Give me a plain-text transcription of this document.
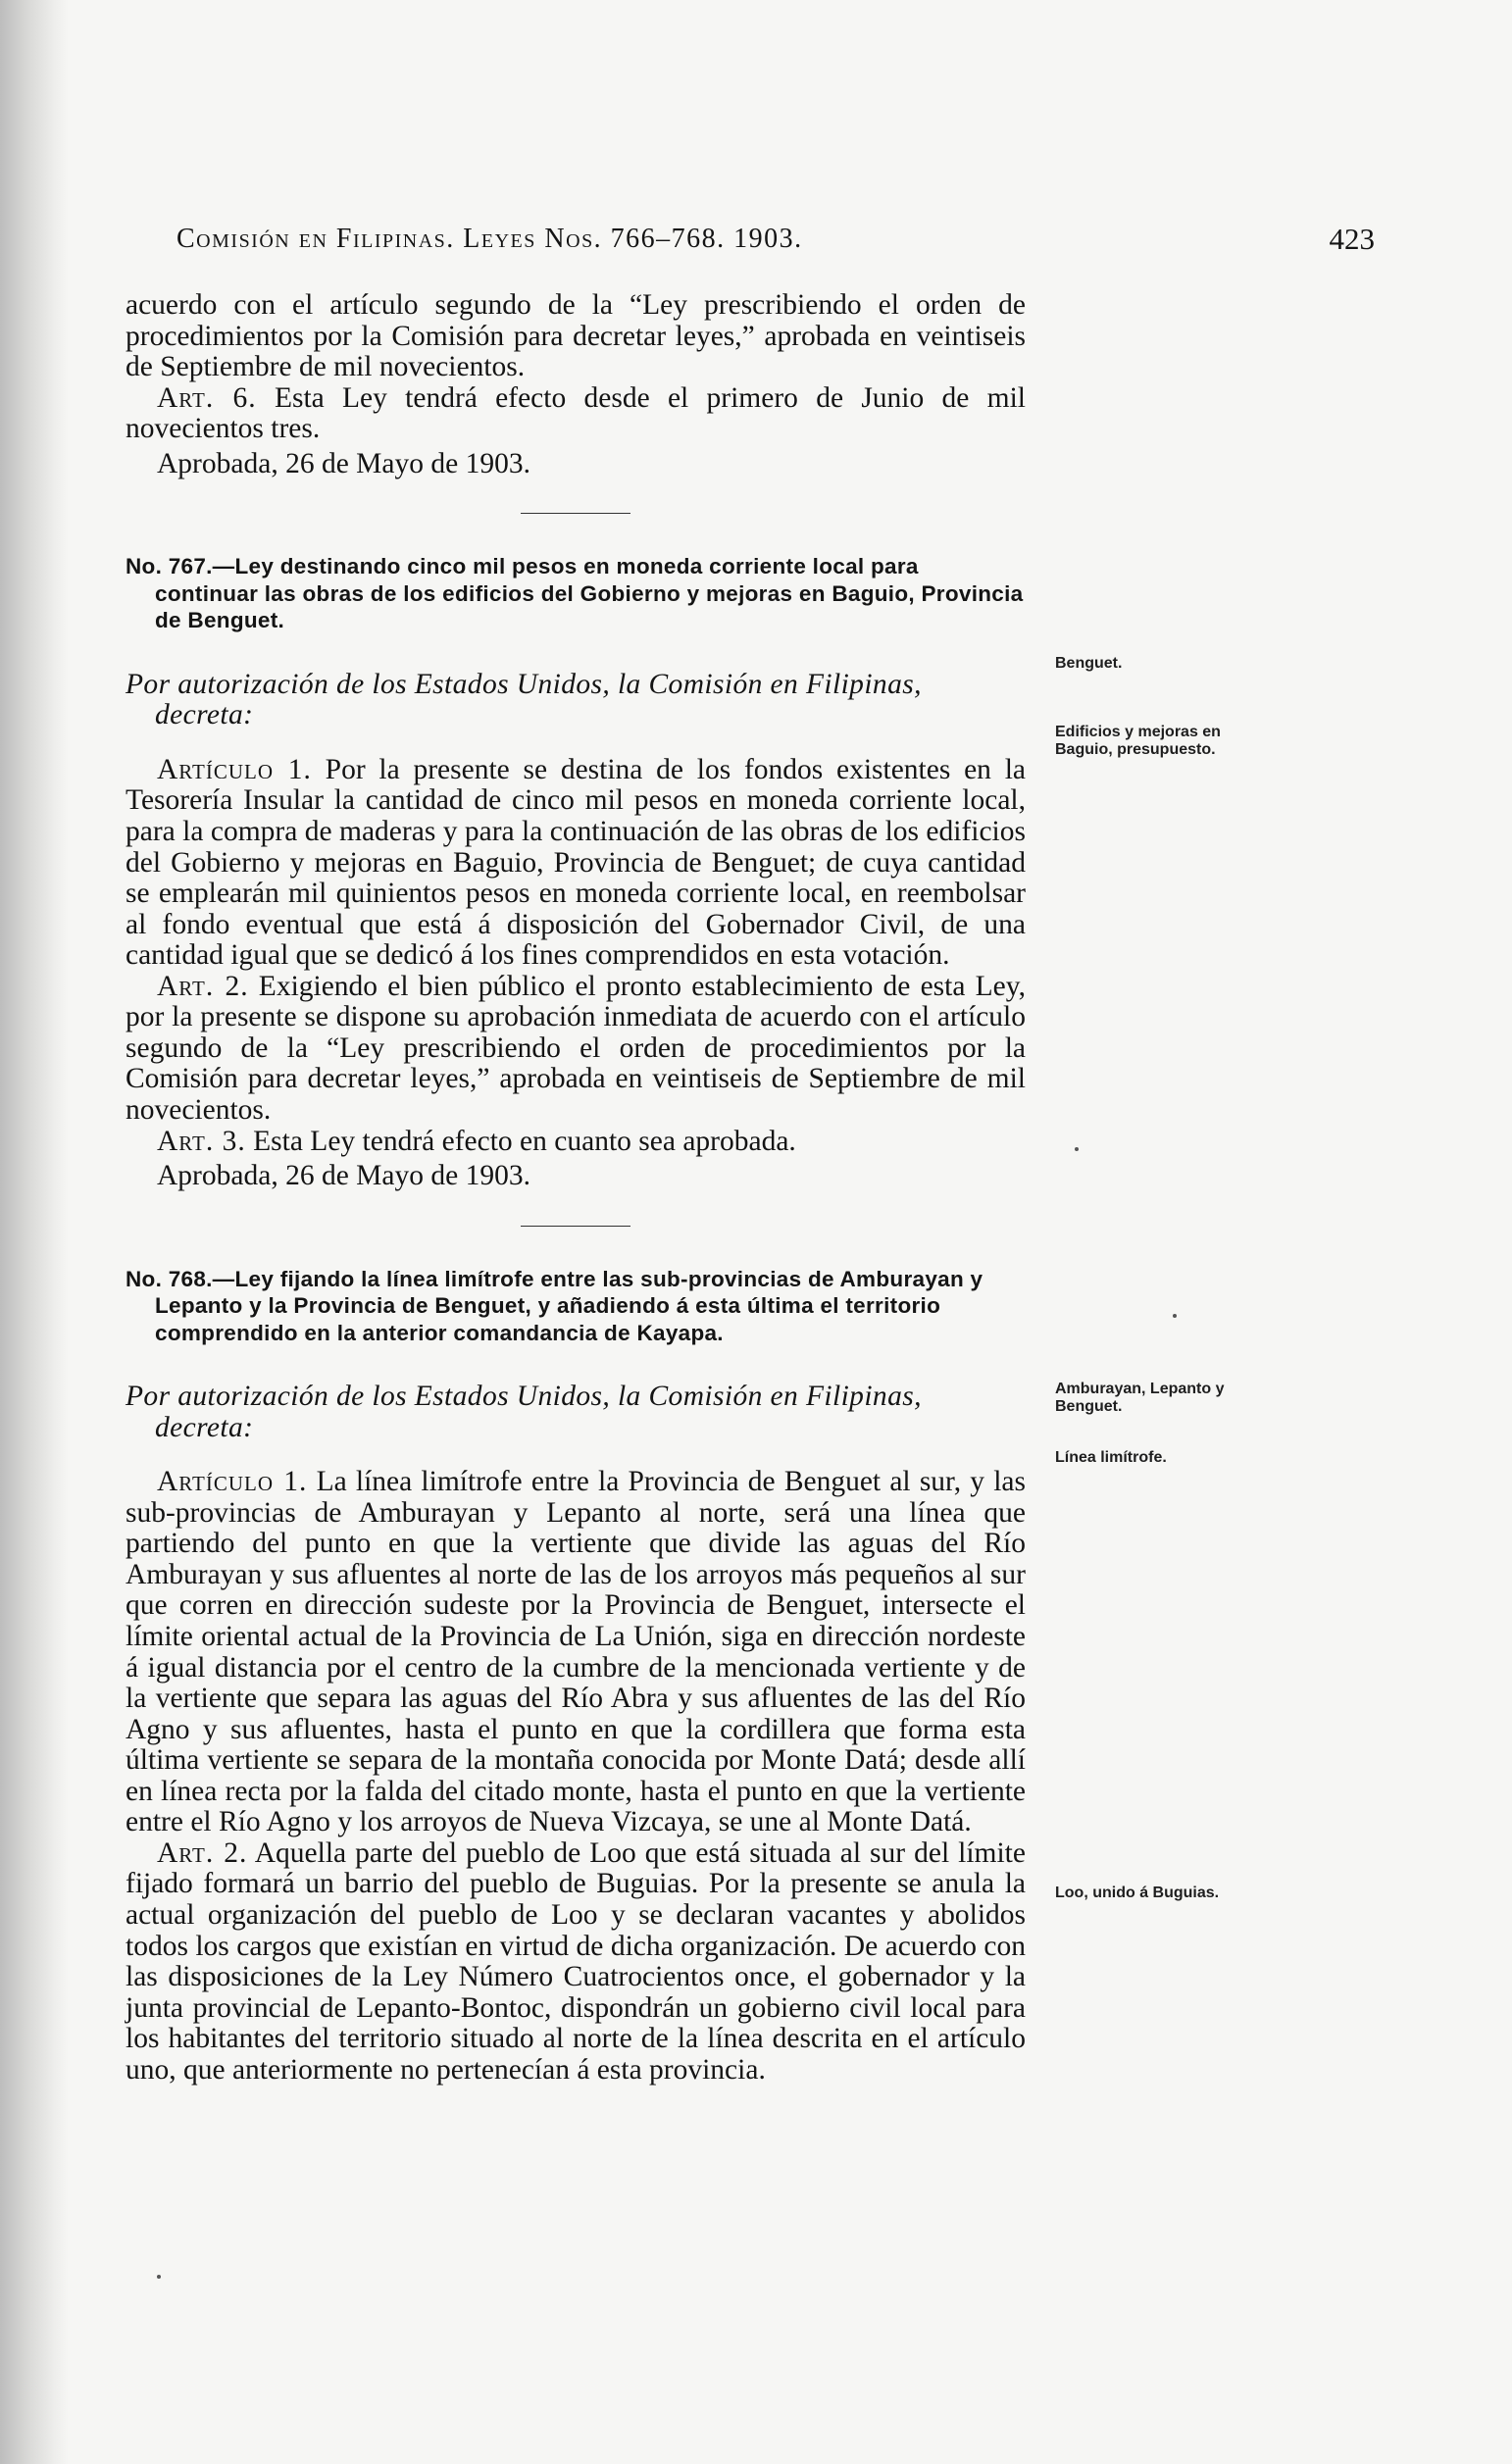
Comisión en Filipinas. Leyes Nos. 766–768. 1903.	423

acuerdo con el artículo segundo de la “Ley prescribiendo el orden de procedimientos por la Comisión para decretar leyes,” aprobada en veintiseis de Septiembre de mil novecientos.

Art. 6. Esta Ley tendrá efecto desde el primero de Junio de mil novecientos tres.

Aprobada, 26 de Mayo de 1903.

No. 767.—Ley destinando cinco mil pesos en moneda corriente local para continuar las obras de los edificios del Gobierno y mejoras en Baguio, Provincia de Benguet.

Por autorización de los Estados Unidos, la Comisión en Filipinas, decreta:

Artículo 1. Por la presente se destina de los fondos existentes en la Tesorería Insular la cantidad de cinco mil pesos en moneda corriente local, para la compra de maderas y para la continuación de las obras de los edificios del Gobierno y mejoras en Baguio, Provincia de Benguet; de cuya cantidad se emplearán mil quinientos pesos en moneda corriente local, en reembolsar al fondo eventual que está á disposición del Gobernador Civil, de una cantidad igual que se dedicó á los fines comprendidos en esta votación.

Art. 2. Exigiendo el bien público el pronto establecimiento de esta Ley, por la presente se dispone su aprobación inmediata de acuerdo con el artículo segundo de la “Ley prescribiendo el orden de procedimientos por la Comisión para decretar leyes,” aprobada en veintiseis de Septiembre de mil novecientos.

Art. 3. Esta Ley tendrá efecto en cuanto sea aprobada.

Aprobada, 26 de Mayo de 1903.

No. 768.—Ley fijando la línea limítrofe entre las sub-provincias de Amburayan y Lepanto y la Provincia de Benguet, y añadiendo á esta última el territorio comprendido en la anterior comandancia de Kayapa.

Por autorización de los Estados Unidos, la Comisión en Filipinas, decreta:

Artículo 1. La línea limítrofe entre la Provincia de Benguet al sur, y las sub-provincias de Amburayan y Lepanto al norte, será una línea que partiendo del punto en que la vertiente que divide las aguas del Río Amburayan y sus afluentes al norte de las de los arroyos más pequeños al sur que corren en dirección sudeste por la Provincia de Benguet, intersecte el límite oriental actual de la Provincia de La Unión, siga en dirección nordeste á igual distancia por el centro de la cumbre de la mencionada vertiente y de la vertiente que separa las aguas del Río Abra y sus afluentes de las del Río Agno y sus afluentes, hasta el punto en que la cordillera que forma esta última vertiente se separa de la montaña conocida por Monte Datá; desde allí en línea recta por la falda del citado monte, hasta el punto en que la vertiente entre el Río Agno y los arroyos de Nueva Vizcaya, se une al Monte Datá.

Art. 2. Aquella parte del pueblo de Loo que está situada al sur del límite fijado formará un barrio del pueblo de Buguias. Por la presente se anula la actual organización del pueblo de Loo y se declaran vacantes y abolidos todos los cargos que existían en virtud de dicha organización. De acuerdo con las disposiciones de la Ley Número Cuatrocientos once, el gobernador y la junta provincial de Lepanto-Bontoc, dispondrán un gobierno civil local para los habitantes del territorio situado al norte de la línea descrita en el artículo uno, que anteriormente no pertenecían á esta provincia.

Benguet.
Edificios y mejoras en Baguio, presupuesto.
Amburayan, Lepanto y Benguet.
Línea limítrofe.
Loo, unido á Buguias.
